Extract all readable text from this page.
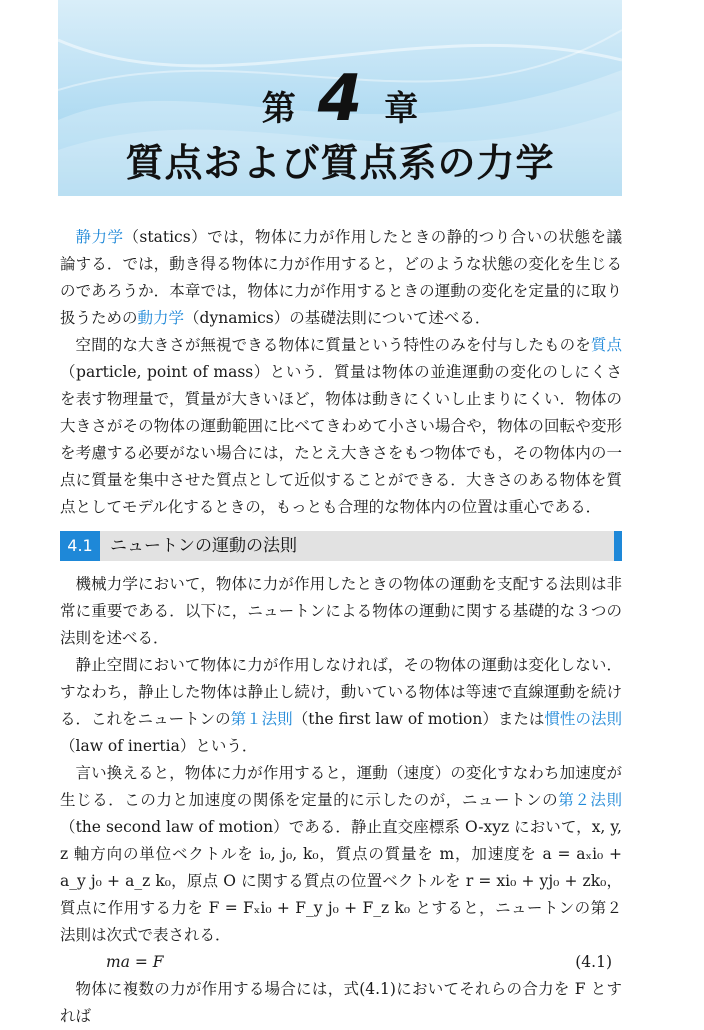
第 4 章
質点および質点系の力学

静力学（statics）では，物体に力が作用したときの静的つり合いの状態を議論する．では，動き得る物体に力が作用すると，どのような状態の変化を生じるのであろうか．本章では，物体に力が作用するときの運動の変化を定量的に取り扱うための動力学（dynamics）の基礎法則について述べる．

空間的な大きさが無視できる物体に質量という特性のみを付与したものを質点（particle, point of mass）という．質量は物体の並進運動の変化のしにくさを表す物理量で，質量が大きいほど，物体は動きにくいし止まりにくい．物体の大きさがその物体の運動範囲に比べてきわめて小さい場合や，物体の回転や変形を考慮する必要がない場合には，たとえ大きさをもつ物体でも，その物体内の一点に質量を集中させた質点として近似することができる．大きさのある物体を質点としてモデル化するときの，もっとも合理的な物体内の位置は重心である．

4.1	ニュートンの運動の法則

機械力学において，物体に力が作用したときの物体の運動を支配する法則は非常に重要である．以下に，ニュートンによる物体の運動に関する基礎的な３つの法則を述べる．

静止空間において物体に力が作用しなければ，その物体の運動は変化しない．すなわち，静止した物体は静止し続け，動いている物体は等速で直線運動を続ける．これをニュートンの第１法則（the first law of motion）または慣性の法則（law of inertia）という．

言い換えると，物体に力が作用すると，運動（速度）の変化すなわち加速度が生じる．この力と加速度の関係を定量的に示したのが，ニュートンの第２法則（the second law of motion）である．静止直交座標系 O-xyz において，x, y, z 軸方向の単位ベクトルを i₀, j₀, k₀，質点の質量を m，加速度を a = aₓi₀ + a_y j₀ + a_z k₀，原点 O に関する質点の位置ベクトルを r = xi₀ + yj₀ + zk₀，質点に作用する力を F = Fₓi₀ + F_y j₀ + F_z k₀ とすると，ニュートンの第２法則は次式で表される．

ma = F	(4.1)

物体に複数の力が作用する場合には，式(4.1)においてそれらの合力を F とすれば
